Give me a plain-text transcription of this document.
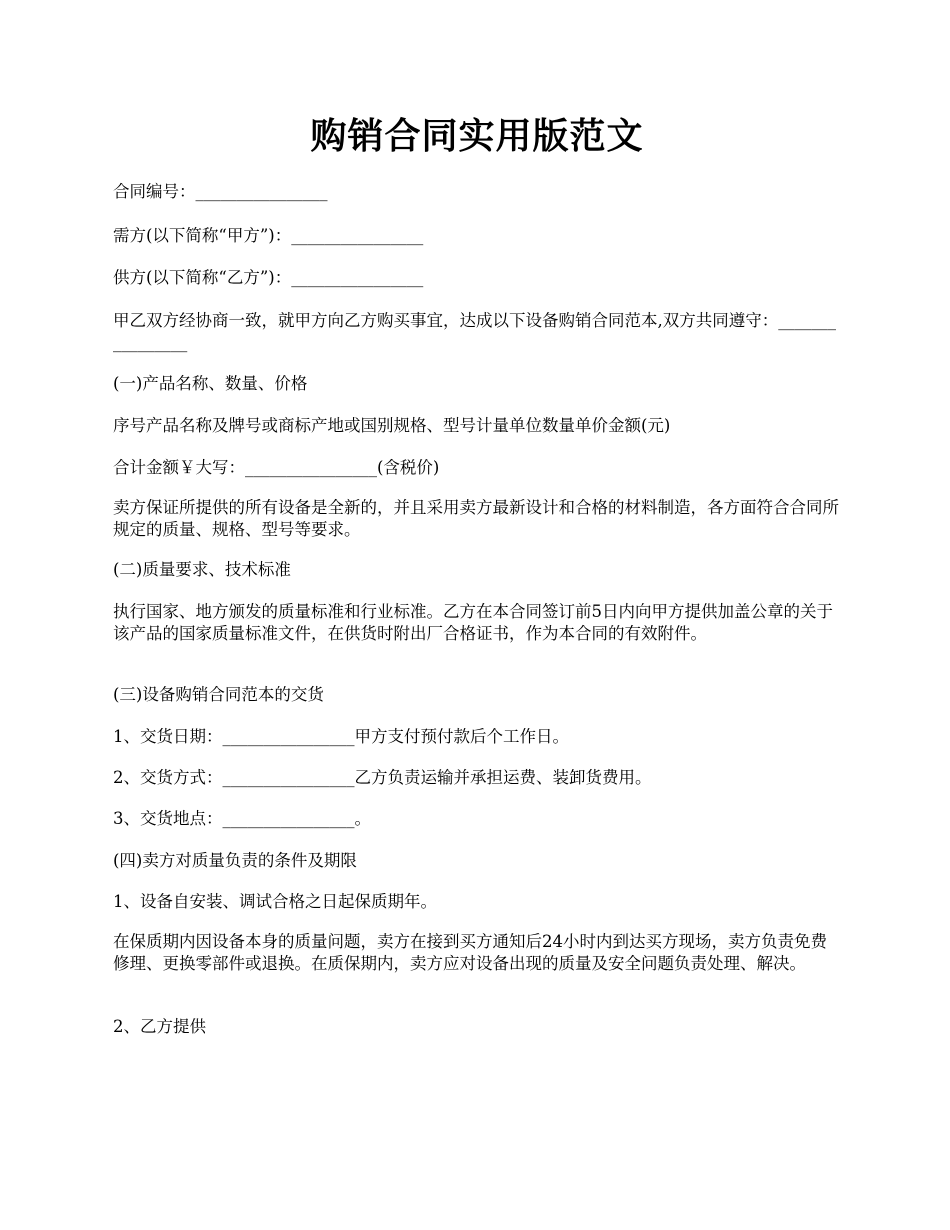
购销合同实用版范文
合同编号：________________
需方(以下简称“甲方”)：________________
供方(以下简称“乙方”)：________________
甲乙双方经协商一致，就甲方向乙方购买事宜，达成以下设备购销合同范本,双方共同遵守：________________
(一)产品名称、数量、价格
序号产品名称及牌号或商标产地或国别规格、型号计量单位数量单价金额(元)
合计金额￥大写：________________(含税价)
卖方保证所提供的所有设备是全新的，并且采用卖方最新设计和合格的材料制造，各方面符合合同所规定的质量、规格、型号等要求。
(二)质量要求、技术标准
执行国家、地方颁发的质量标准和行业标准。乙方在本合同签订前5日内向甲方提供加盖公章的关于该产品的国家质量标准文件，在供货时附出厂合格证书，作为本合同的有效附件。
(三)设备购销合同范本的交货
1、交货日期：________________甲方支付预付款后个工作日。
2、交货方式：________________乙方负责运输并承担运费、装卸货费用。
3、交货地点：________________。
(四)卖方对质量负责的条件及期限
1、设备自安装、调试合格之日起保质期年。
在保质期内因设备本身的质量问题，卖方在接到买方通知后24小时内到达买方现场，卖方负责免费修理、更换零部件或退换。在质保期内，卖方应对设备出现的质量及安全问题负责处理、解决。
2、乙方提供
